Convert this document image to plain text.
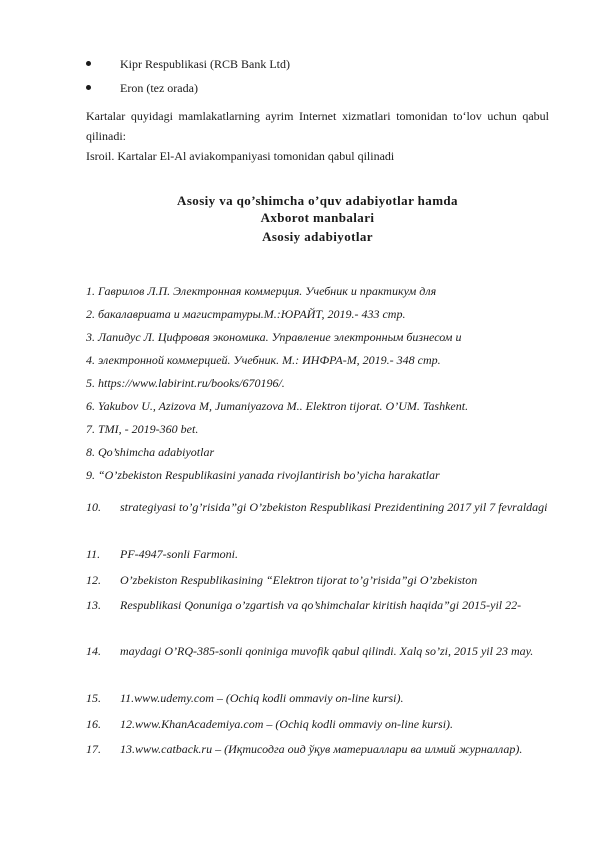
Kipr Respublikasi (RCB Bank Ltd)
Eron (tez orada)
Kartalar quyidagi mamlakatlarning ayrim Internet xizmatlari tomonidan to‘lov uchun qabul qilinadi:
Isroil. Kartalar El-Al aviakompaniyasi tomonidan qabul qilinadi
Asosiy va qo’shimcha o’quv adabiyotlar hamda
Axborot manbalari
Asosiy adabiyotlar
1. Гаврилов Л.П. Электронная коммерция. Учебник и практикум для
2. бакалавриата и магистратуры.М.:ЮРАЙТ, 2019.- 433 стр.
3. Лапидус Л. Цифровая экономика. Управление электронным бизнесом и
4. электронной коммерцией. Учебник. М.: ИНФРА-М, 2019.- 348 стр.
5. https://www.labirint.ru/books/670196/.
6. Yakubov U., Azizova M, Jumaniyazova M.. Elektron tijorat. O’UM. Tashkent.
7. TMI, - 2019-360 bet.
8. Qo’shimcha adabiyotlar
9. “O’zbekiston Respublikasini yanada rivojlantirish bo’yicha harakatlar
10.	strategiyasi to’g’risida”gi O’zbekiston Respublikasi Prezidentining 2017 yil 7 fevraldagi
11.	PF-4947-sonli Farmoni.
12.	O’zbekiston Respublikasining “Elektron tijorat to’g’risida”gi O’zbekiston
13.	Respublikasi Qonuniga o’zgartish va qo’shimchalar kiritish haqida”gi 2015-yil 22-
14.	maydagi O’RQ-385-sonli qoniniga muvofik qabul qilindi. Xalq so’zi, 2015 yil 23 may.
15.	11.www.udemy.com – (Ochiq kodli ommaviy on-line kursi).
16.	12.www.KhanAcademiya.com – (Ochiq kodli ommaviy on-line kursi).
17.	13.www.catback.ru – (Иқтисодга оид ўқув материаллари ва илмий журналлар).
